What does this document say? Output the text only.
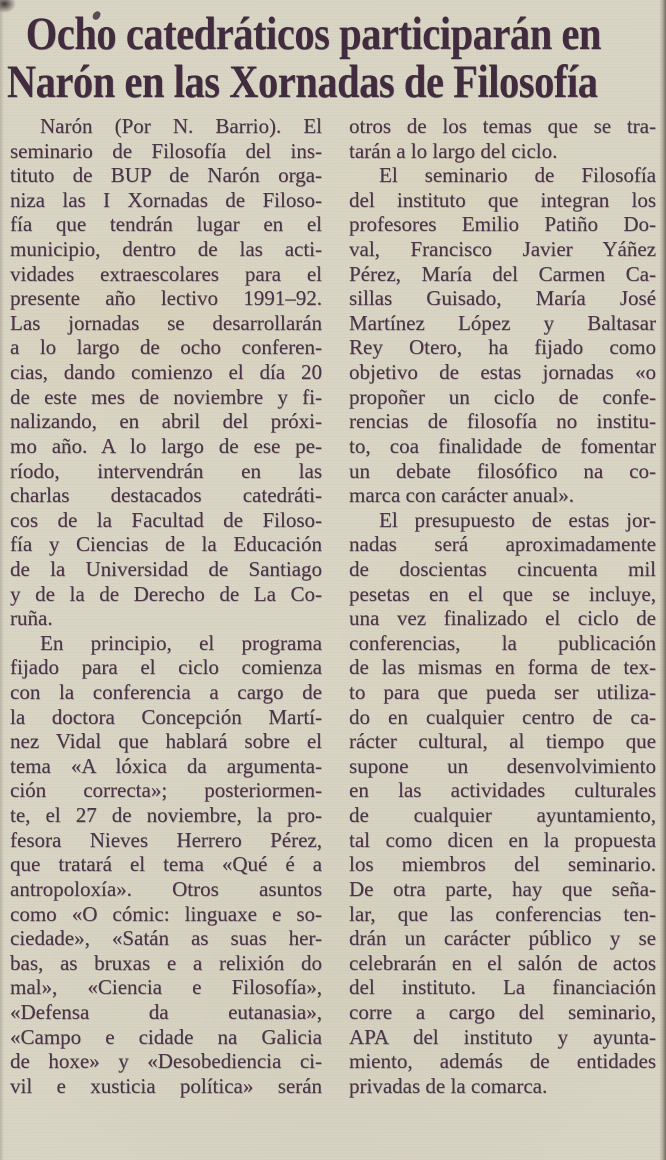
Ocho catedráticos participarán en
Narón en las Xornadas de Filosofía
Narón (Por N. Barrio). El
seminario de Filosofía del ins-
tituto de BUP de Narón orga-
niza las I Xornadas de Filoso-
fía que tendrán lugar en el
municipio, dentro de las acti-
vidades extraescolares para el
presente año lectivo 1991–92.
Las jornadas se desarrollarán
a lo largo de ocho conferen-
cias, dando comienzo el día 20
de este mes de noviembre y fi-
nalizando, en abril del próxi-
mo año. A lo largo de ese pe-
ríodo, intervendrán en las
charlas destacados catedráti-
cos de la Facultad de Filoso-
fía y Ciencias de la Educación
de la Universidad de Santiago
y de la de Derecho de La Co-
ruña.
En principio, el programa
fijado para el ciclo comienza
con la conferencia a cargo de
la doctora Concepción Martí-
nez Vidal que hablará sobre el
tema «A lóxica da argumenta-
ción correcta»; posteriormen-
te, el 27 de noviembre, la pro-
fesora Nieves Herrero Pérez,
que tratará el tema «Qué é a
antropoloxía». Otros asuntos
como «O cómic: linguaxe e so-
ciedade», «Satán as suas her-
bas, as bruxas e a relixión do
mal», «Ciencia e Filosofía»,
«Defensa da eutanasia»,
«Campo e cidade na Galicia
de hoxe» y «Desobediencia ci-
vil e xusticia política» serán
otros de los temas que se tra-
tarán a lo largo del ciclo.
El seminario de Filosofía
del instituto que integran los
profesores Emilio Patiño Do-
val, Francisco Javier Yáñez
Pérez, María del Carmen Ca-
sillas Guisado, María José
Martínez López y Baltasar
Rey Otero, ha fijado como
objetivo de estas jornadas «o
propoñer un ciclo de confe-
rencias de filosofía no institu-
to, coa finalidade de fomentar
un debate filosófico na co-
marca con carácter anual».
El presupuesto de estas jor-
nadas será aproximadamente
de doscientas cincuenta mil
pesetas en el que se incluye,
una vez finalizado el ciclo de
conferencias, la publicación
de las mismas en forma de tex-
to para que pueda ser utiliza-
do en cualquier centro de ca-
rácter cultural, al tiempo que
supone un desenvolvimiento
en las actividades culturales
de cualquier ayuntamiento,
tal como dicen en la propuesta
los miembros del seminario.
De otra parte, hay que seña-
lar, que las conferencias ten-
drán un carácter público y se
celebrarán en el salón de actos
del instituto. La financiación
corre a cargo del seminario,
APA del instituto y ayunta-
miento, además de entidades
privadas de la comarca.
